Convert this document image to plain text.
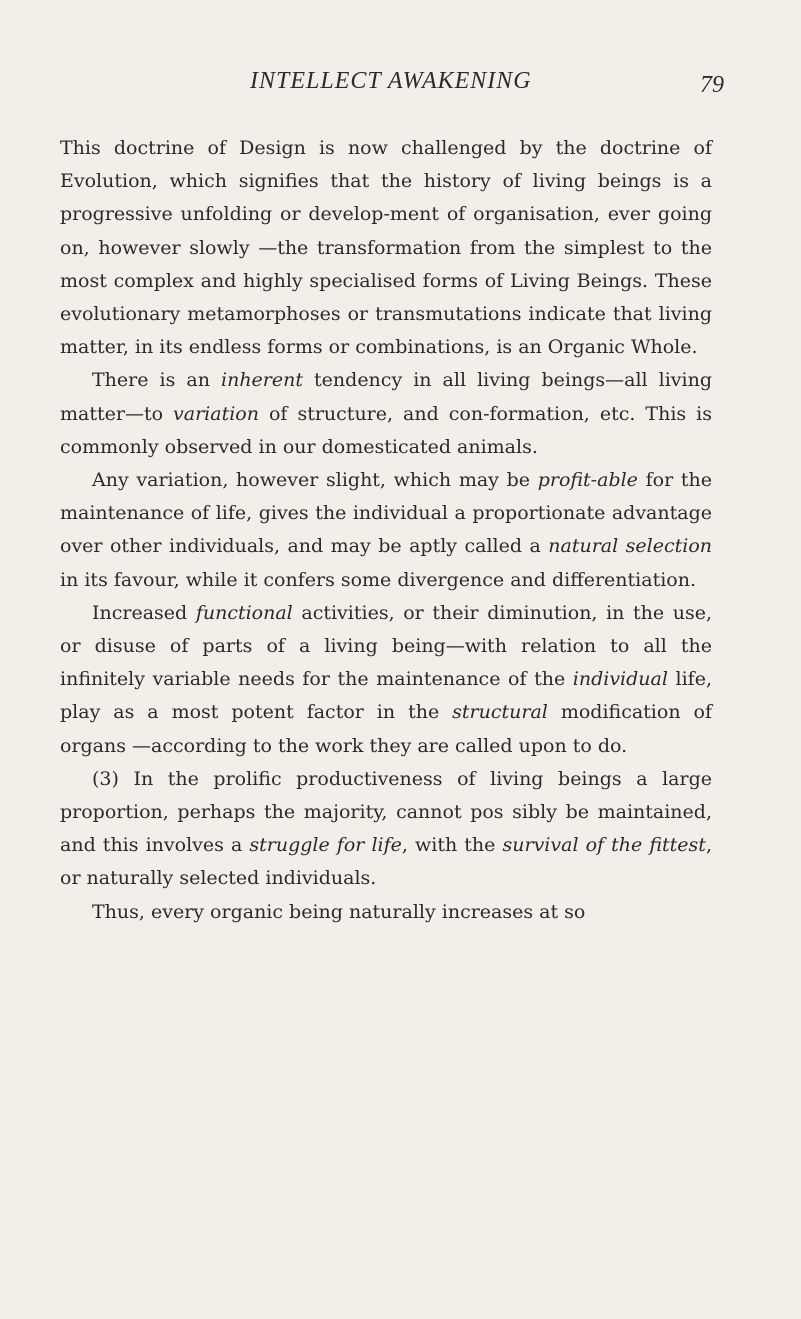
INTELLECT AWAKENING	79

This doctrine of Design is now challenged by the doctrine of Evolution, which signifies that the history of living beings is a progressive unfolding or develop-ment of organisation, ever going on, however slowly —the transformation from the simplest to the most complex and highly specialised forms of Living Beings. These evolutionary metamorphoses or transmutations indicate that living matter, in its endless forms or combinations, is an Organic Whole.

There is an inherent tendency in all living beings—all living matter—to variation of structure, and con-formation, etc. This is commonly observed in our domesticated animals.

Any variation, however slight, which may be profit-able for the maintenance of life, gives the individual a proportionate advantage over other individuals, and may be aptly called a natural selection in its favour, while it confers some divergence and differentiation.

Increased functional activities, or their diminution, in the use, or disuse of parts of a living being—with relation to all the infinitely variable needs for the maintenance of the individual life, play as a most potent factor in the structural modification of organs —according to the work they are called upon to do.

(3) In the prolific productiveness of living beings a large proportion, perhaps the majority, cannot pos sibly be maintained, and this involves a struggle for life, with the survival of the fittest, or naturally selected individuals.

Thus, every organic being naturally increases at so
